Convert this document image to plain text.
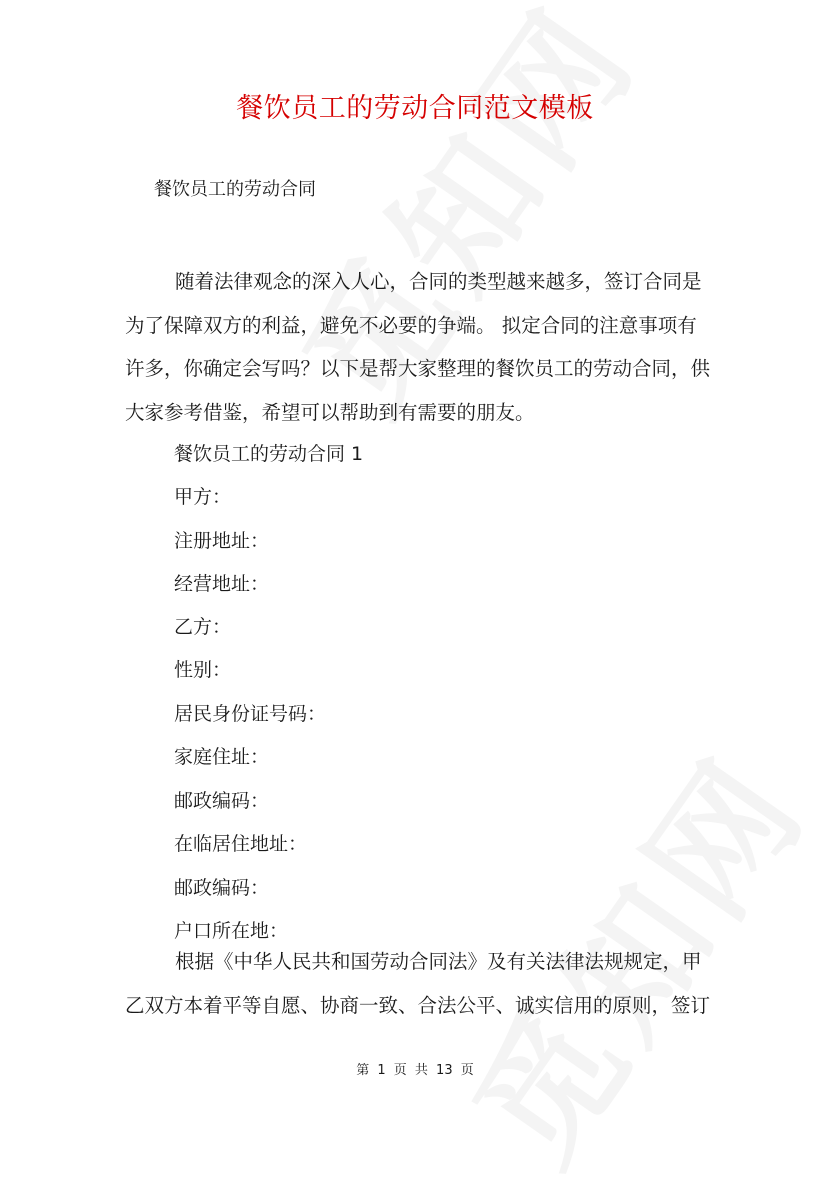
餐饮员工的劳动合同范文模板
餐饮员工的劳动合同
随着法律观念的深入人心，合同的类型越来越多，签订合同是为了保障双方的利益，避免不必要的争端。 拟定合同的注意事项有许多，你确定会写吗？以下是帮大家整理的餐饮员工的劳动合同，供大家参考借鉴，希望可以帮助到有需要的朋友。
餐饮员工的劳动合同 1
甲方：
注册地址：
经营地址：
乙方：
性别：
居民身份证号码：
家庭住址：
邮政编码：
在临居住地址：
邮政编码：
户口所在地：
根据《中华人民共和国劳动合同法》及有关法律法规规定，甲乙双方本着平等自愿、协商一致、合法公平、诚实信用的原则，签订
第 1 页 共 13 页
